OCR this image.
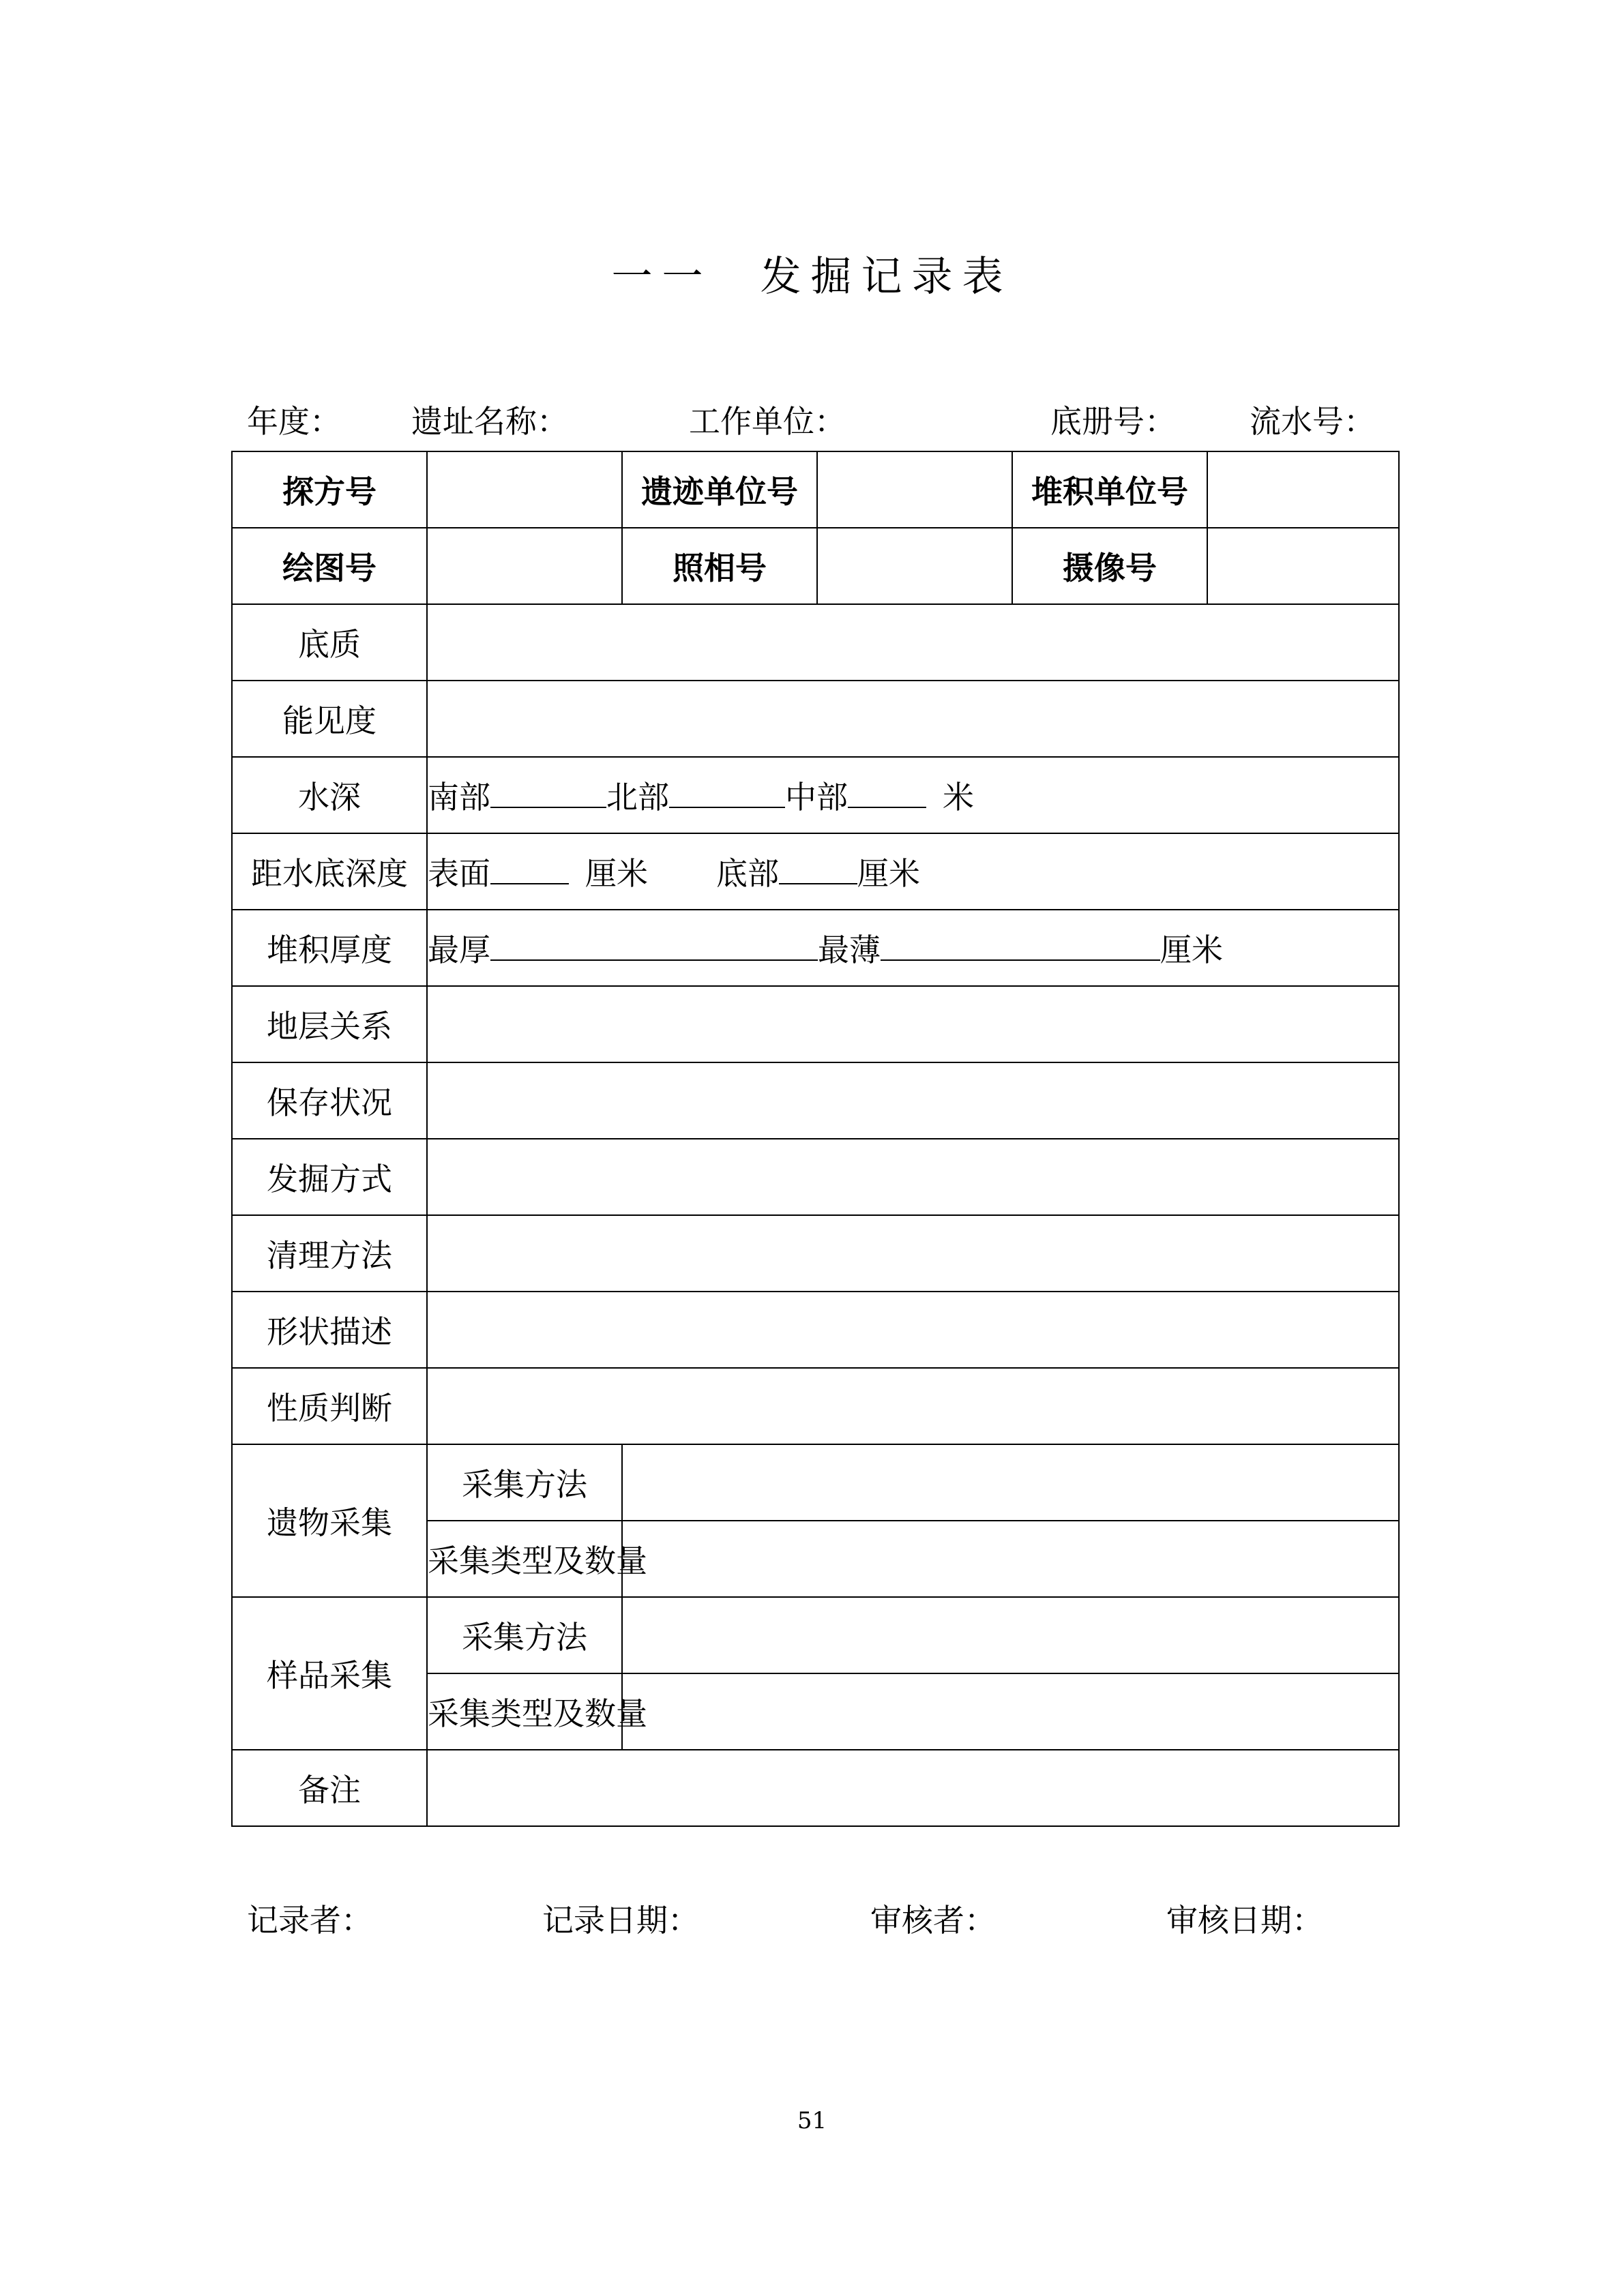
一一 发掘记录表
年度： 遗址名称：	工作单位：	底册号： 流水号：
探方号		遗迹单位号		堆积单位号	
绘图号		照相号		摄像号	
底质					
能见度					
水深	南部 北部 中部 米				
距水底深度	表面 厘米 底部 厘米				
堆积厚度	最厚 最薄 厘米				
地层关系					
保存状况					
发掘方式					
清理方法					
形状描述					
性质判断					
遗物采集	采集方法				
	采集类型及数量				
样品采集	采集方法				
	采集类型及数量				
备注					
记录者：	记录日期：	审核者：	审核日期：
51
